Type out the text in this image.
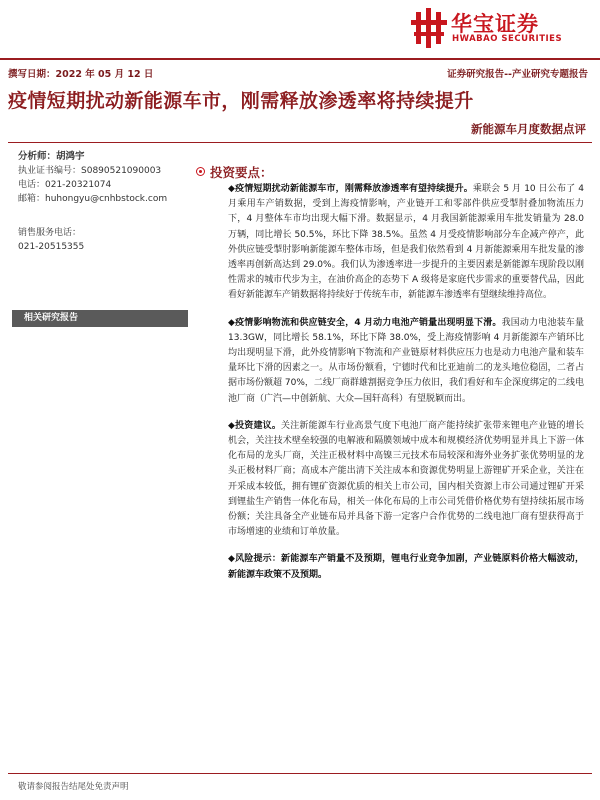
华宝证券
HWABAO SECURITIES
撰写日期：2022 年 05 月 12 日	证券研究报告--产业研究专题报告
疫情短期扰动新能源车市，刚需释放渗透率将持续提升
新能源车月度数据点评
分析师：胡鸿宇
执业证书编号：S0890521090003
电话：021-20321074
邮箱：huhongyu@cnhbstock.com
销售服务电话：
021-20515355
相关研究报告
投资要点：

◆疫情短期扰动新能源车市，刚需释放渗透率有望持续提升。乘联会 5 月 10 日公布了 4 月乘用车产销数据，受到上海疫情影响，产业链开工和零部件供应受掣肘叠加物流压力下，4 月整体车市均出现大幅下滑。数据显示，4 月我国新能源乘用车批发销量为 28.0 万辆，同比增长 50.5%，环比下降 38.5%。虽然 4 月受疫情影响部分车企减产停产，此外供应链受掣肘影响新能源车整体市场，但是我们依然看到 4 月新能源乘用车批发量的渗透率再创新高达到 29.0%。我们认为渗透率进一步提升的主要因素是新能源车现阶段以刚性需求的城市代步为主，在油价高企的态势下 A 级将是家庭代步需求的重要替代品，因此看好新能源车产销数据将持续好于传统车市，新能源车渗透率有望继续维持高位。

◆疫情影响物流和供应链安全，4 月动力电池产销量出现明显下滑。我国动力电池装车量 13.3GW，同比增长 58.1%，环比下降 38.0%，受上海疫情影响 4 月新能源车产销环比均出现明显下滑，此外疫情影响下物流和产业链原材料供应压力也是动力电池产量和装车量环比下滑的因素之一。从市场份额看，宁德时代和比亚迪前二的龙头地位稳固，二者占据市场份额超 70%，二线厂商群雄割据竞争压力依旧，我们看好和车企深度绑定的二线电池厂商（广汽—中创新航、大众—国轩高科）有望脱颖而出。

◆投资建议。关注新能源车行业高景气度下电池厂商产能持续扩张带来锂电产业链的增长机会，关注技术壁垒较强的电解液和隔膜领域中成本和规模经济优势明显并具上下游一体化布局的龙头厂商，关注正极材料中高镍三元技术布局较深和海外业务扩张优势明显的龙头正极材料厂商；高成本产能出清下关注成本和资源优势明显上游锂矿开采企业，关注在开采成本较低，拥有锂矿资源优质的相关上市公司，国内相关资源上市公司通过锂矿开采到锂盐生产销售一体化布局，相关一体化布局的上市公司凭借价格优势有望持续拓展市场份额；关注具备全产业链布局并具备下游一定客户合作优势的二线电池厂商有望获得高于市场增速的业绩和订单放量。

◆风险提示：新能源车产销量不及预期，锂电行业竞争加剧，产业链原料价格大幅波动，新能源车政策不及预期。

敬请参阅报告结尾处免责声明
